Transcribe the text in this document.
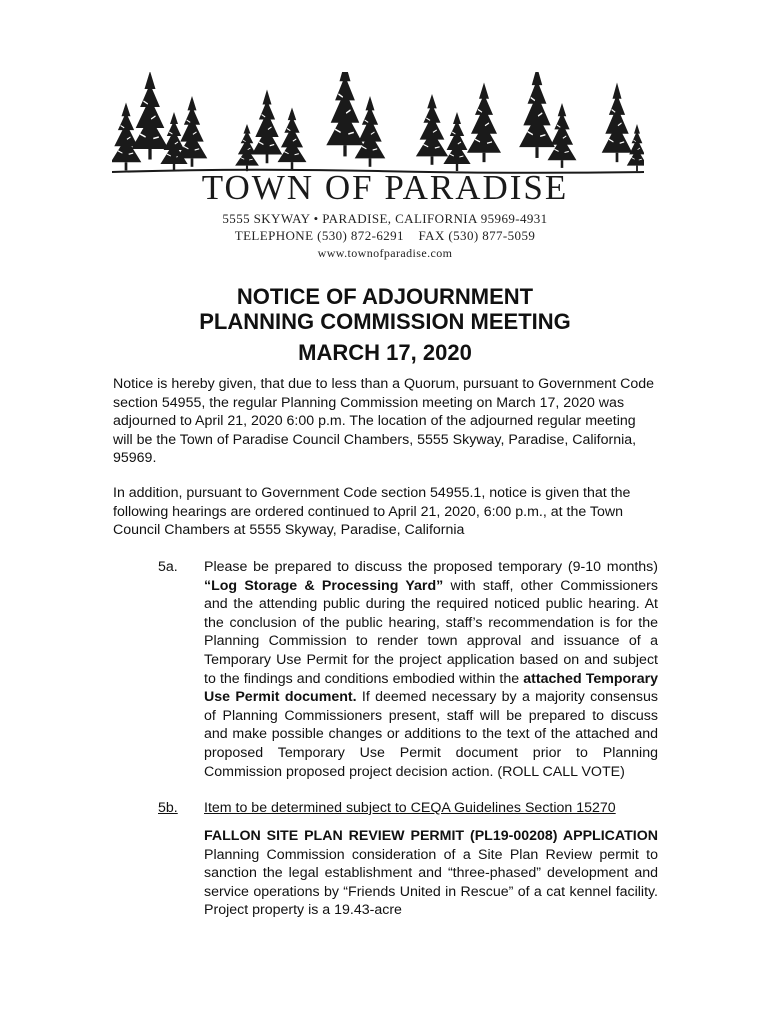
TOWN OF PARADISE
5555 SKYWAY • PARADISE, CALIFORNIA 95969-4931
TELEPHONE (530) 872-6291    FAX (530) 877-5059
www.townofparadise.com
NOTICE OF ADJOURNMENT
PLANNING COMMISSION MEETING
MARCH 17, 2020
Notice is hereby given, that due to less than a Quorum, pursuant to Government Code section 54955, the regular Planning Commission meeting on March 17, 2020 was adjourned to April 21, 2020 6:00 p.m. The location of the adjourned regular meeting will be the Town of Paradise Council Chambers, 5555 Skyway, Paradise, California, 95969.
In addition, pursuant to Government Code section 54955.1, notice is given that the following hearings are ordered continued to April 21, 2020, 6:00 p.m., at the Town Council Chambers at 5555 Skyway, Paradise, California
5a. Please be prepared to discuss the proposed temporary (9-10 months) “Log Storage & Processing Yard” with staff, other Commissioners and the attending public during the required noticed public hearing. At the conclusion of the public hearing, staff’s recommendation is for the Planning Commission to render town approval and issuance of a Temporary Use Permit for the project application based on and subject to the findings and conditions embodied within the attached Temporary Use Permit document. If deemed necessary by a majority consensus of Planning Commissioners present, staff will be prepared to discuss and make possible changes or additions to the text of the attached and proposed Temporary Use Permit document prior to Planning Commission proposed project decision action. (ROLL CALL VOTE)
5b. Item to be determined subject to CEQA Guidelines Section 15270
FALLON SITE PLAN REVIEW PERMIT (PL19-00208) APPLICATION Planning Commission consideration of a Site Plan Review permit to sanction the legal establishment and “three-phased” development and service operations by “Friends United in Rescue” of a cat kennel facility. Project property is a 19.43-acre
